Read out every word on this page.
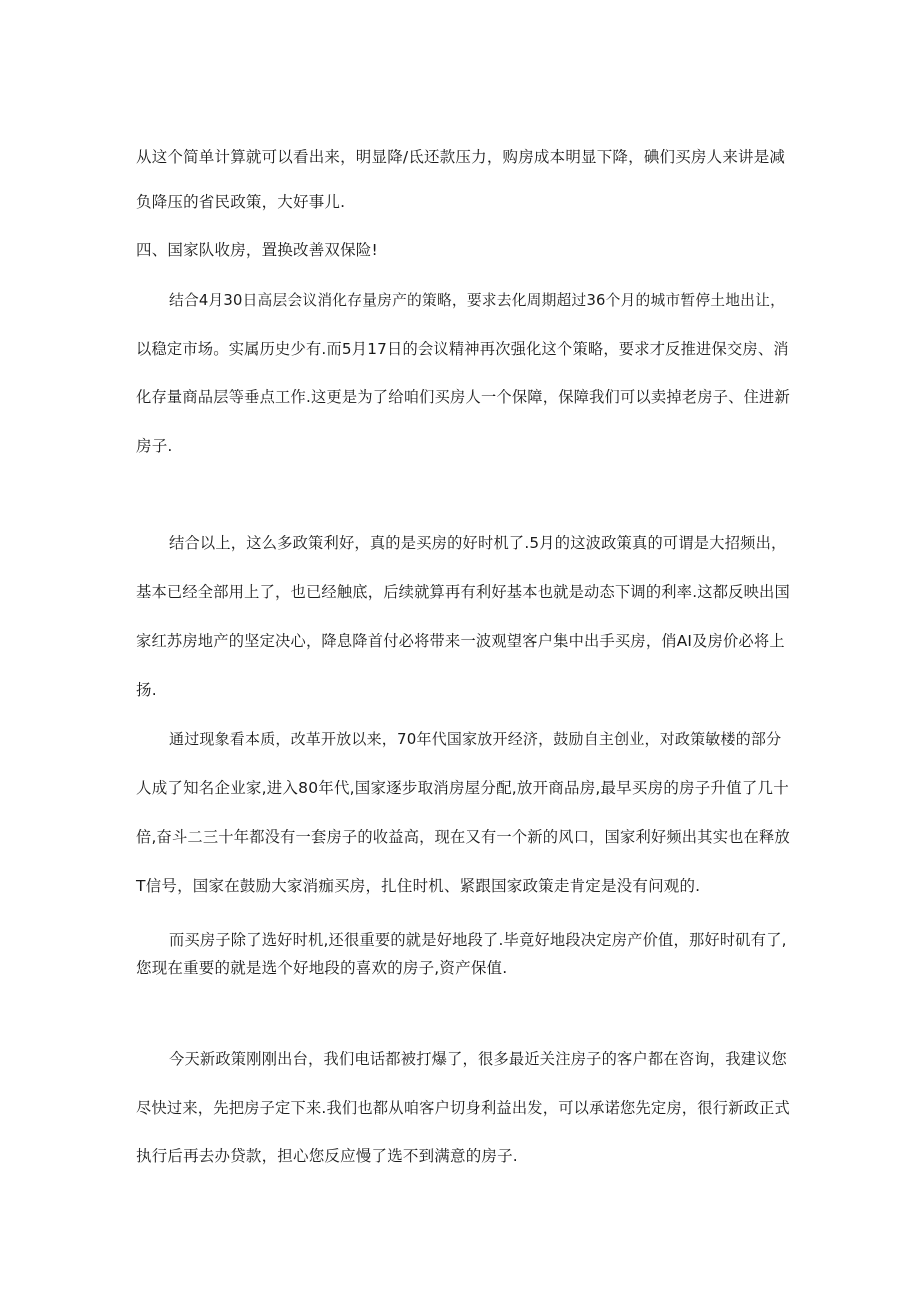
从这个简单计算就可以看出来，明显降/氐还款压力，购房成本明显下降，碘们买房人来讲是减
负降压的省民政策，大好事儿.
四、国家队收房，置换改善双保险!
结合4月30日高层会议消化存量房产的策略，要求去化周期超过36个月的城市暂停土地出让，
以稳定市场。实属历史少有.而5月17日的会议精神再次强化这个策略，要求才反推进保交房、消
化存量商品层等垂点工作.这更是为了给咱们买房人一个保障，保障我们可以卖掉老房子、住进新
房子.
结合以上，这么多政策利好，真的是买房的好时机了.5月的这波政策真的可谓是大招频出，
基本已经全部用上了，也已经触底，后续就算再有利好基本也就是动态下调的利率.这都反映出国
家红苏房地产的坚定决心，降息降首付必将带来一波观望客户集中出手买房，俏AI及房价必将上
扬.
通过现象看本质，改革开放以来，70年代国家放开经济，鼓励自主创业，对政策敏楼的部分
人成了知名企业家,进入80年代,国家逐步取消房屋分配,放开商品房,最早买房的房子升值了几十
倍,奋斗二三十年都没有一套房子的收益高，现在又有一个新的风口，国家利好频出其实也在释放
T信号，国家在鼓励大家消痂买房，扎住时机、紧跟国家政策走肯定是没有问观的.
而买房子除了选好时机,还很重要的就是好地段了.毕竟好地段决定房产价值，那好时矶有了,
您现在重要的就是选个好地段的喜欢的房子,资产保值.
今天新政策刚刚出台，我们电话都被打爆了，很多最近关注房子的客户都在咨询，我建议您
尽快过来，先把房子定下来.我们也都从咱客户切身利益出发，可以承诺您先定房，很行新政正式
执行后再去办贷款，担心您反应慢了选不到满意的房子.
